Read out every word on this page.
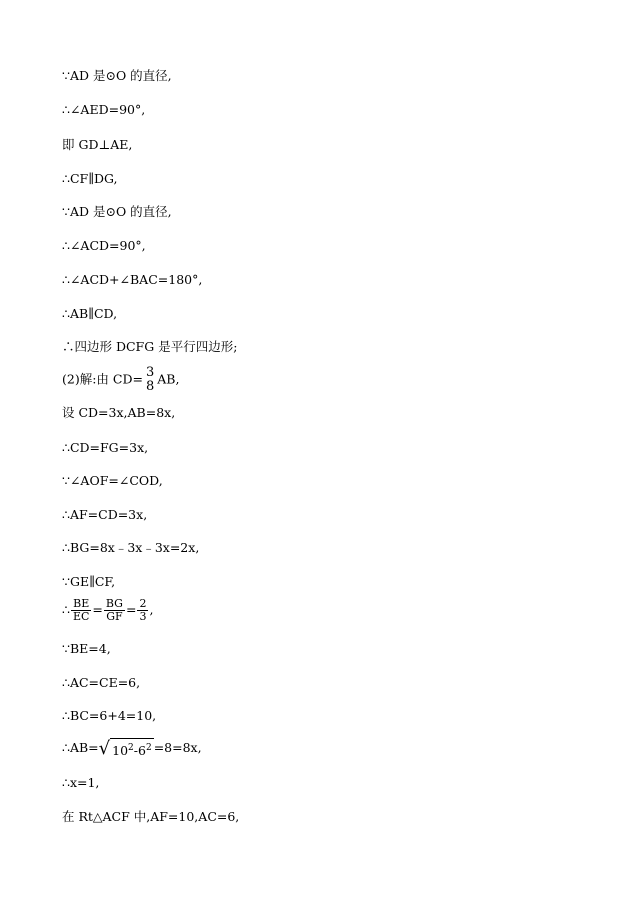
∵AD 是⊙O 的直径,
∴∠AED=90°,
即 GD⊥AE,
∴CF∥DG,
∵AD 是⊙O 的直径,
∴∠ACD=90°,
∴∠ACD+∠BAC=180°,
∴AB∥CD,
∴四边形 DCFG 是平行四边形;
(2)解:由 CD= 3
8 AB,
设 CD=3x,AB=8x,
∴CD=FG=3x,
∵∠AOF=∠COD,
∴AF=CD=3x,
∴BG=8x﹣3x﹣3x=2x,
∵GE∥CF,
∴ $\frac{BE}{EC} = \frac{BG}{GF} = \frac{2}{3}$ ,
∵BE=4,
∴AC=CE=6,
∴BC=6+4=10,
∴AB=√ $10^2-6^2 =8=8x$,
∴x=1,
在 Rt△ACF 中,AF=10,AC=6,
